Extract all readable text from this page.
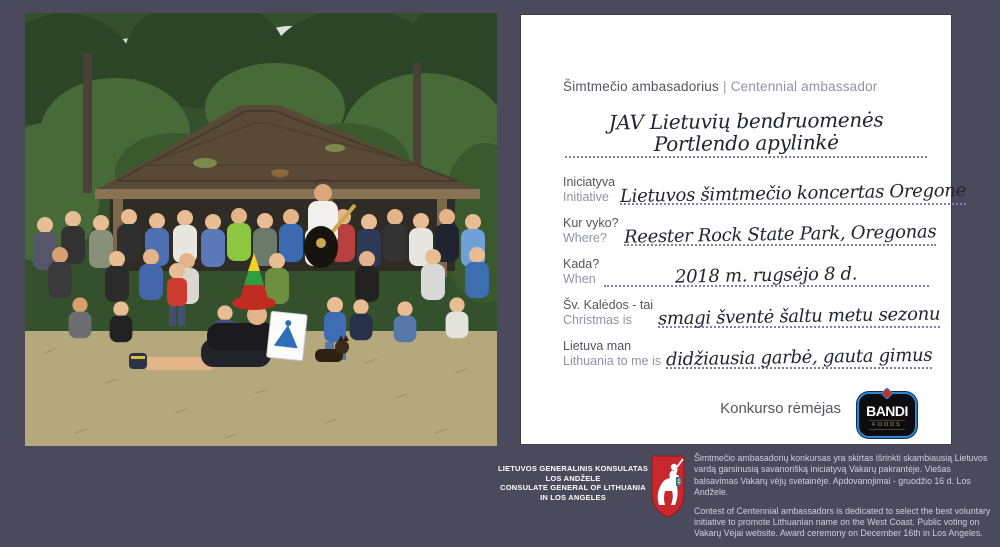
Šimtmečio ambasadorius | Centennial ambassador
JAV Lietuvių bendruomenės Portlendo apylinkė
Iniciatyva
Initiative Lietuvos šimtmečio koncertas Oregone
Kur vyko?
Where? Reester Rock State Park, Oregonas
Kada?
When	2018 m. rugsėjo 8 d.
Šv. Kalėdos - tai
Christmas is	smagi šventė šaltu metu sezonu
Lietuva man
Lithuania to me is didžiausia garbė, gauta gimus
Konkurso rėmėjas BANDI
FOODS
LIETUVOS GENERALINIS KONSULATAS
LOS ANDŽELE
CONSULATE GENERAL OF LITHUANIA
IN LOS ANGELES

Šimtmečio ambasadorių konkursas yra skirtas išrinkti skambiausią Lietuvos vardą garsinusią savanorišką iniciatyvą Vakarų pakrantėje. Viešas balsavimas Vakarų vėjų svetainėje. Apdovanojimai - gruodžio 16 d. Los Andžele.

Contest of Centennial ambassadors is dedicated to select the best voluntary initiative to promote Lithuanian name on the West Coast. Public voting on Vakarų Vėjai website. Award ceremony on December 16th in Los Angeles.
